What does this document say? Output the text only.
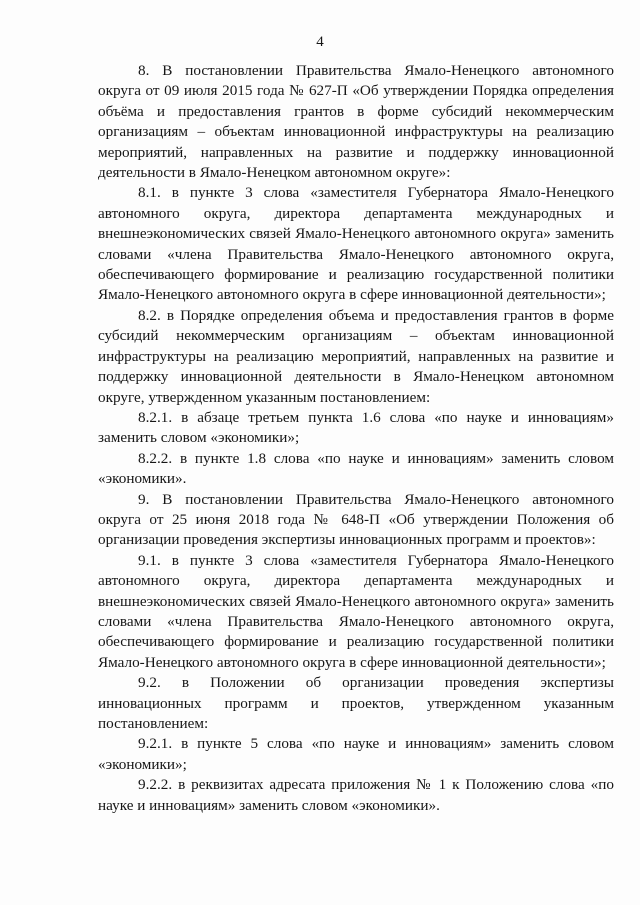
4

8. В постановлении Правительства Ямало-Ненецкого автономного округа от 09 июля 2015 года № 627-П «Об утверждении Порядка определения объёма и предоставления грантов в форме субсидий некоммерческим организациям – объектам инновационной инфраструктуры на реализацию мероприятий, направленных на развитие и поддержку инновационной деятельности в Ямало-Ненецком автономном округе»:

8.1. в пункте 3 слова «заместителя Губернатора Ямало-Ненецкого автономного округа, директора департамента международных и внешнеэкономических связей Ямало-Ненецкого автономного округа» заменить словами «члена Правительства Ямало-Ненецкого автономного округа, обеспечивающего формирование и реализацию государственной политики Ямало-Ненецкого автономного округа в сфере инновационной деятельности»;

8.2. в Порядке определения объема и предоставления грантов в форме субсидий некоммерческим организациям – объектам инновационной инфраструктуры на реализацию мероприятий, направленных на развитие и поддержку инновационной деятельности в Ямало-Ненецком автономном округе, утвержденном указанным постановлением:

8.2.1. в абзаце третьем пункта 1.6 слова «по науке и инновациям» заменить словом «экономики»;

8.2.2. в пункте 1.8 слова «по науке и инновациям» заменить словом «экономики».

9. В постановлении Правительства Ямало-Ненецкого автономного округа от 25 июня 2018 года № 648-П «Об утверждении Положения об организации проведения экспертизы инновационных программ и проектов»:

9.1. в пункте 3 слова «заместителя Губернатора Ямало-Ненецкого автономного округа, директора департамента международных и внешнеэкономических связей Ямало-Ненецкого автономного округа» заменить словами «члена Правительства Ямало-Ненецкого автономного округа, обеспечивающего формирование и реализацию государственной политики Ямало-Ненецкого автономного округа в сфере инновационной деятельности»;

9.2. в Положении об организации проведения экспертизы инновационных программ и проектов, утвержденном указанным постановлением:

9.2.1. в пункте 5 слова «по науке и инновациям» заменить словом «экономики»;

9.2.2. в реквизитах адресата приложения № 1 к Положению слова «по науке и инновациям» заменить словом «экономики».
